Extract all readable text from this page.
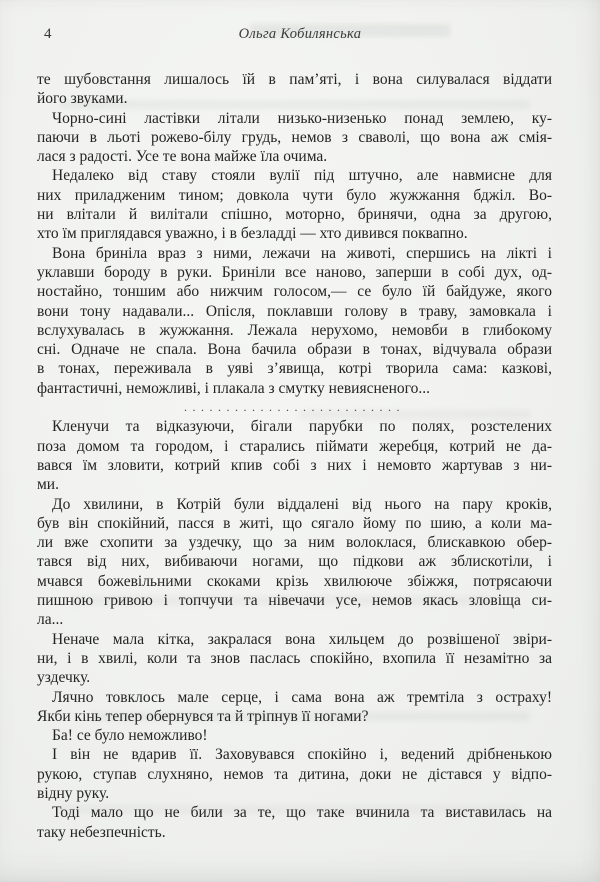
4	Ольга Кобилянська
те шубовстання лишалось їй в пам’яті, і вона силувалася віддати
його звуками.
Чорно-сині ластівки літали низько-низенько понад землею, ку-
паючи в льоті рожево-білу грудь, немов з сваволі, що вона аж смія-
лася з радості. Усе те вона майже їла очима.
Недалеко від ставу стояли вулії під штучно, але навмисне для
них приладженим тином; довкола чути було жужжання бджіл. Во-
ни влітали й вилітали спішно, моторно, бринячи, одна за другою,
хто їм приглядався уважно, і в безладді — хто дивився поквапно.
Вона бриніла враз з ними, лежачи на животі, спершись на лікті і
уклавши бороду в руки. Бриніли все наново, заперши в собі дух, од-
ностайно, тоншим або нижчим голосом,— се було їй байдуже, якого
вони тону надавали... Опісля, поклавши голову в траву, замовкала і
вслухувалась в жужжання. Лежала нерухомо, немовби в глибокому
сні. Одначе не спала. Вона бачила образи в тонах, відчувала образи
в тонах, переживала в уяві з’явища, котрі творила сама: казкові,
фантастичні, неможливі, і плакала з смутку невиясненого...
..........................
Кленучи та відказуючи, бігали парубки по полях, розстелених
поза домом та городом, і старались піймати жеребця, котрий не да-
вався їм зловити, котрий кпив собі з них і немовто жартував з ни-
ми.
До хвилини, в Котрій були віддалені від нього на пару кроків,
був він спокійний, пасся в житі, що сягало йому по шию, а коли ма-
ли вже схопити за уздечку, що за ним волоклася, блискавкою обер-
тався від них, вибиваючи ногами, що підкови аж зблискотіли, і
мчався божевільними скоками крізь хвилююче збіжжя, потрясаючи
пишною гривою і топчучи та нівечачи усе, немов якась зловіща си-
ла...
Неначе мала кітка, закралася вона хильцем до розвішеної звіри-
ни, і в хвилі, коли та знов паслась спокійно, вхопила її незамітно за
уздечку.
Лячно товклось мале серце, і сама вона аж тремтіла з остраху!
Якби кінь тепер обернувся та й тріпнув її ногами?
Ба! се було неможливо!
І він не вдарив її. Заховувався спокійно і, ведений дрібненькою
рукою, ступав слухняно, немов та дитина, доки не дістався у відпо-
відну руку.
Тоді мало що не били за те, що таке вчинила та виставилась на
таку небезпечність.
